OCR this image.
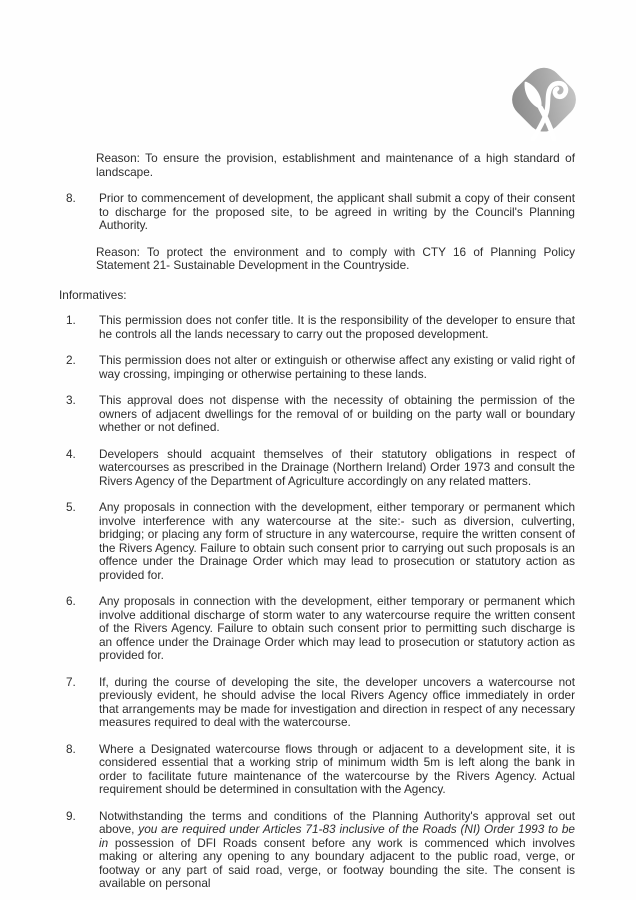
Reason: To ensure the provision, establishment and maintenance of a high standard of landscape.

8.	Prior to commencement of development, the applicant shall submit a copy of their consent to discharge for the proposed site, to be agreed in writing by the Council's Planning Authority.

Reason: To protect the environment and to comply with CTY 16 of Planning Policy Statement 21- Sustainable Development in the Countryside.

Informatives:

1.	This permission does not confer title. It is the responsibility of the developer to ensure that he controls all the lands necessary to carry out the proposed development.
2.	This permission does not alter or extinguish or otherwise affect any existing or valid right of way crossing, impinging or otherwise pertaining to these lands.
3.	This approval does not dispense with the necessity of obtaining the permission of the owners of adjacent dwellings for the removal of or building on the party wall or boundary whether or not defined.
4.	Developers should acquaint themselves of their statutory obligations in respect of watercourses as prescribed in the Drainage (Northern Ireland) Order 1973 and consult the Rivers Agency of the Department of Agriculture accordingly on any related matters.
5.	Any proposals in connection with the development, either temporary or permanent which involve interference with any watercourse at the site:- such as diversion, culverting, bridging; or placing any form of structure in any watercourse, require the written consent of the Rivers Agency. Failure to obtain such consent prior to carrying out such proposals is an offence under the Drainage Order which may lead to prosecution or statutory action as provided for.
6.	Any proposals in connection with the development, either temporary or permanent which involve additional discharge of storm water to any watercourse require the written consent of the Rivers Agency. Failure to obtain such consent prior to permitting such discharge is an offence under the Drainage Order which may lead to prosecution or statutory action as provided for.
7.	If, during the course of developing the site, the developer uncovers a watercourse not previously evident, he should advise the local Rivers Agency office immediately in order that arrangements may be made for investigation and direction in respect of any necessary measures required to deal with the watercourse.
8.	Where a Designated watercourse flows through or adjacent to a development site, it is considered essential that a working strip of minimum width 5m is left along the bank in order to facilitate future maintenance of the watercourse by the Rivers Agency. Actual requirement should be determined in consultation with the Agency.
9.	Notwithstanding the terms and conditions of the Planning Authority's approval set out above, you are required under Articles 71-83 inclusive of the Roads (NI) Order 1993 to be in possession of DFI Roads consent before any work is commenced which involves making or altering any opening to any boundary adjacent to the public road, verge, or footway or any part of said road, verge, or footway bounding the site. The consent is available on personal
